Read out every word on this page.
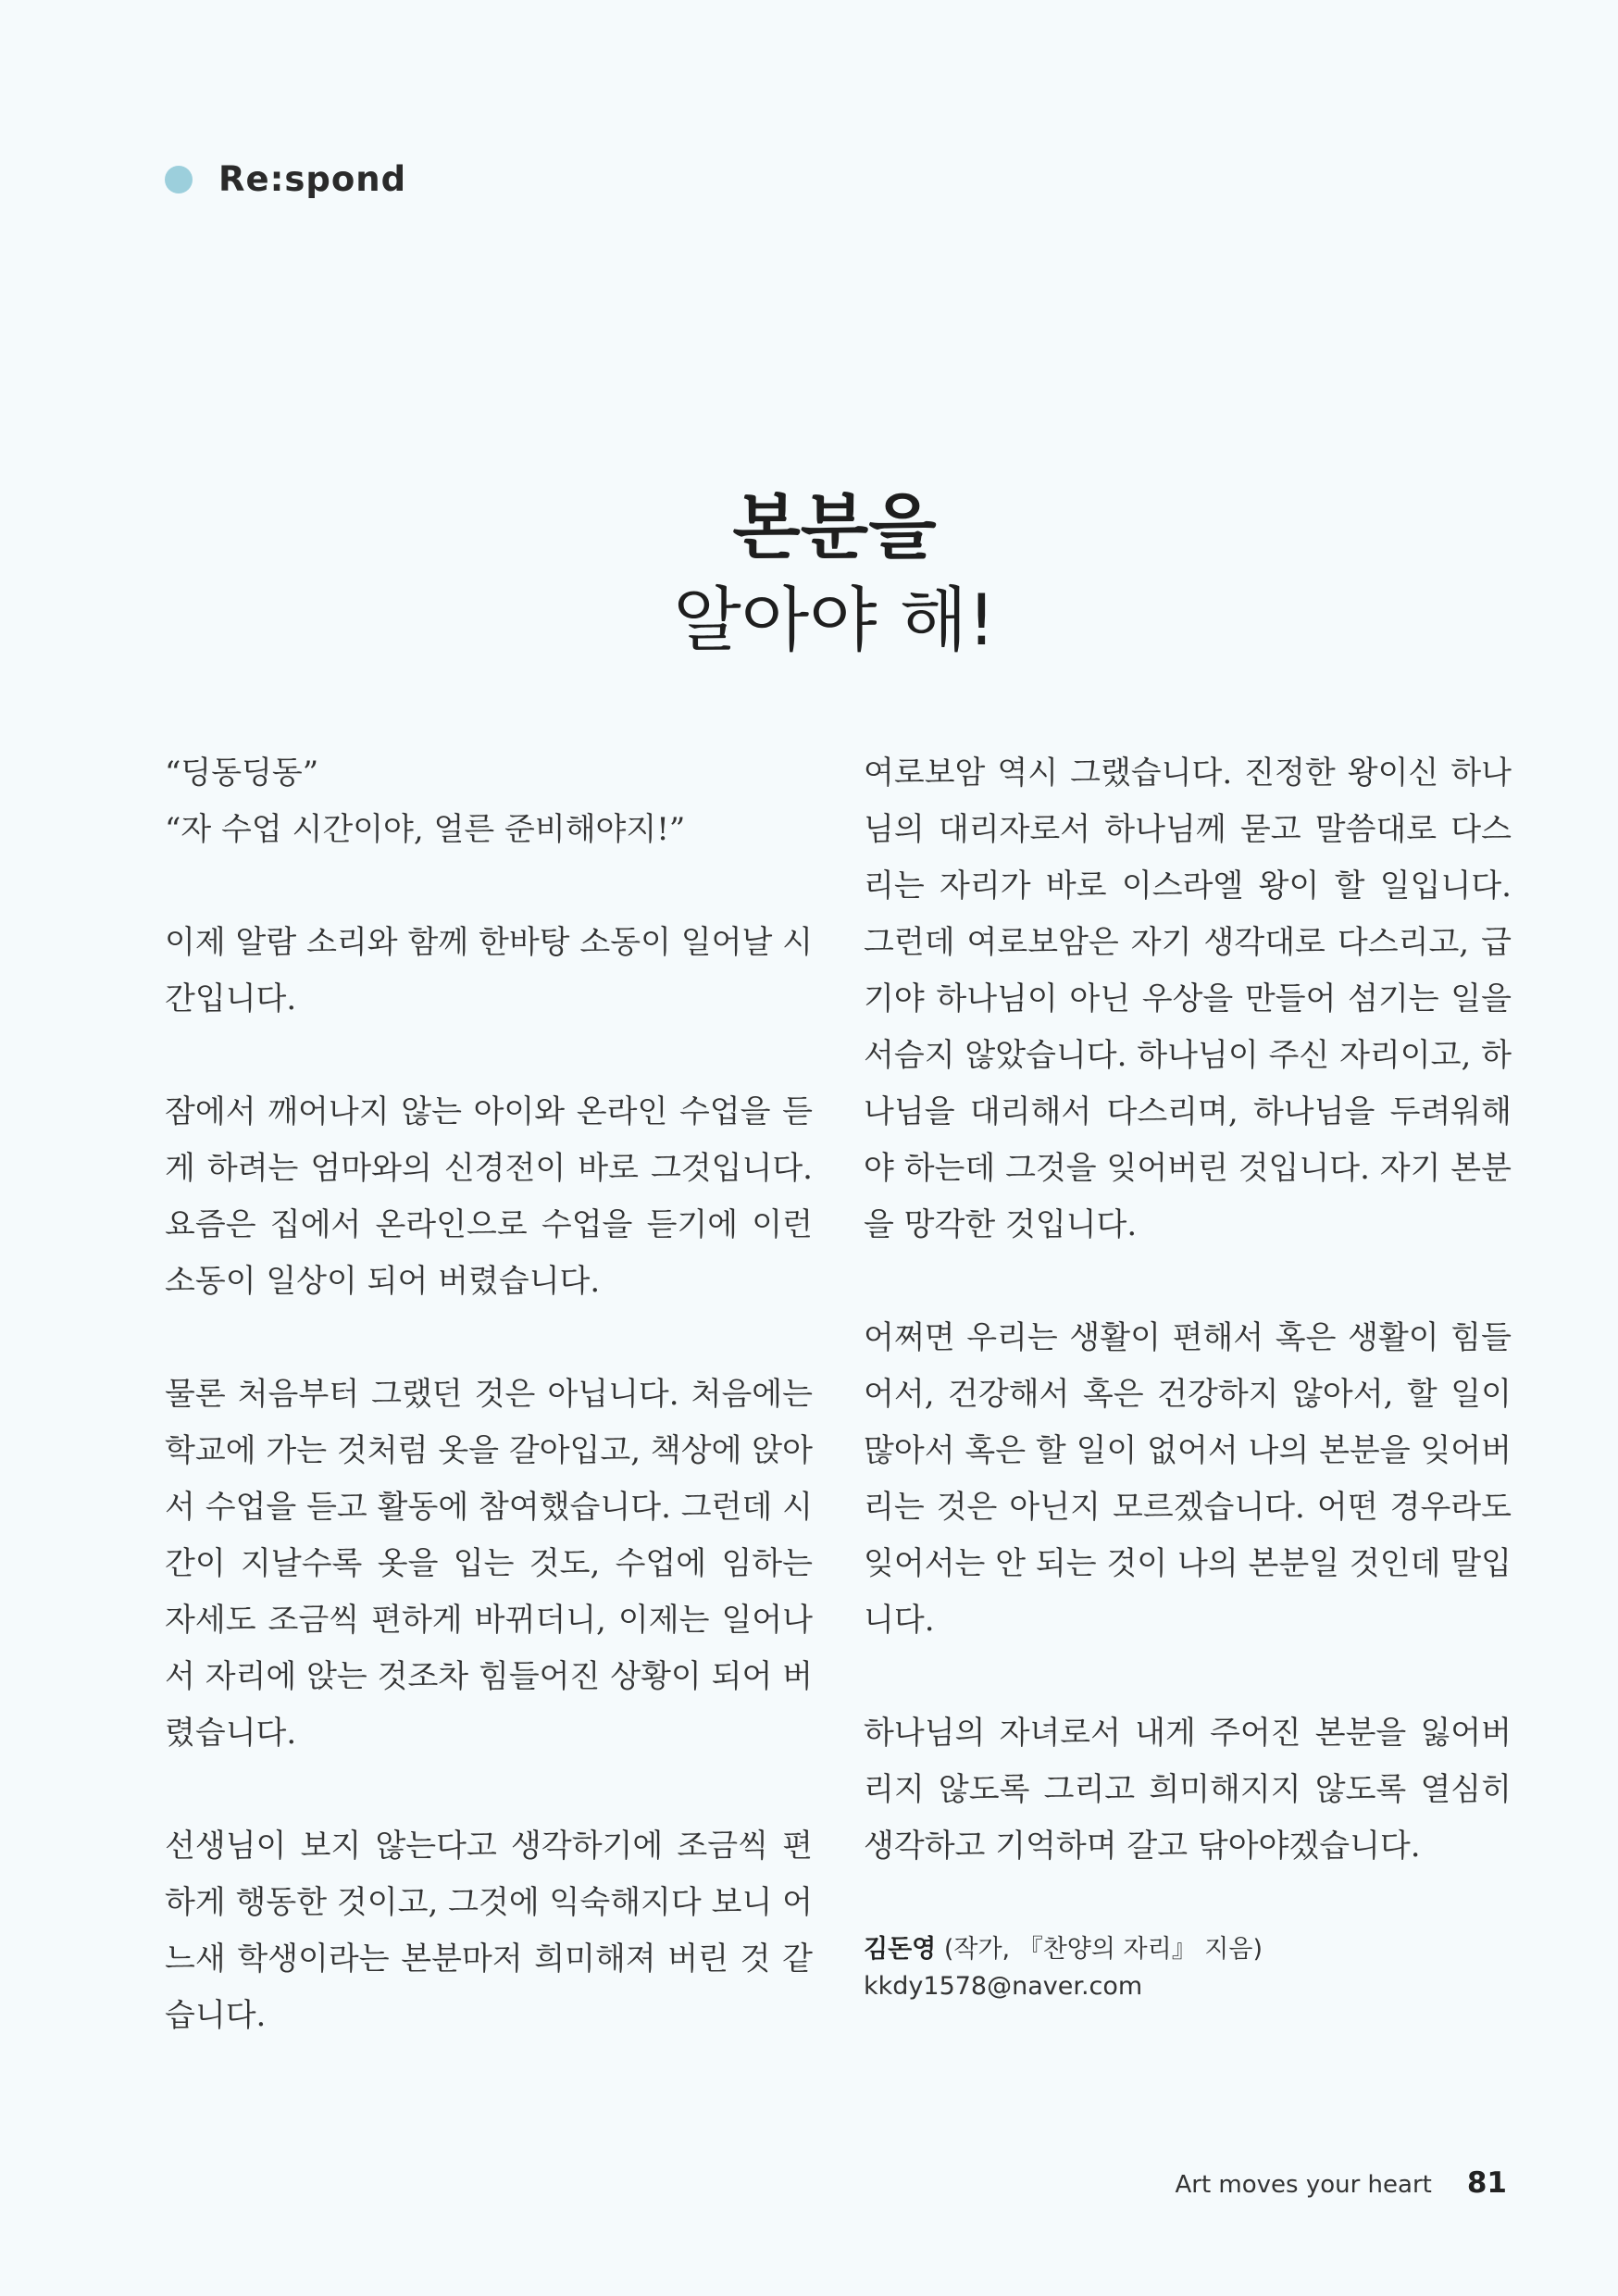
Re:spond
본분을
알아야 해!

“딩동딩동”

“자 수업 시간이야, 얼른 준비해야지!”

이제 알람 소리와 함께 한바탕 소동이 일어날 시간입니다.

잠에서 깨어나지 않는 아이와 온라인 수업을 듣게 하려는 엄마와의 신경전이 바로 그것입니다. 요즘은 집에서 온라인으로 수업을 듣기에 이런 소동이 일상이 되어 버렸습니다.

물론 처음부터 그랬던 것은 아닙니다. 처음에는 학교에 가는 것처럼 옷을 갈아입고, 책상에 앉아서 수업을 듣고 활동에 참여했습니다. 그런데 시간이 지날수록 옷을 입는 것도, 수업에 임하는 자세도 조금씩 편하게 바뀌더니, 이제는 일어나서 자리에 앉는 것조차 힘들어진 상황이 되어 버렸습니다.

선생님이 보지 않는다고 생각하기에 조금씩 편하게 행동한 것이고, 그것에 익숙해지다 보니 어느새 학생이라는 본분마저 희미해져 버린 것 같습니다.

여로보암 역시 그랬습니다. 진정한 왕이신 하나님의 대리자로서 하나님께 묻고 말씀대로 다스리는 자리가 바로 이스라엘 왕이 할 일입니다. 그런데 여로보암은 자기 생각대로 다스리고, 급기야 하나님이 아닌 우상을 만들어 섬기는 일을 서슴지 않았습니다. 하나님이 주신 자리이고, 하나님을 대리해서 다스리며, 하나님을 두려워해야 하는데 그것을 잊어버린 것입니다. 자기 본분을 망각한 것입니다.

어쩌면 우리는 생활이 편해서 혹은 생활이 힘들어서, 건강해서 혹은 건강하지 않아서, 할 일이 많아서 혹은 할 일이 없어서 나의 본분을 잊어버리는 것은 아닌지 모르겠습니다. 어떤 경우라도 잊어서는 안 되는 것이 나의 본분일 것인데 말입니다.

하나님의 자녀로서 내게 주어진 본분을 잃어버리지 않도록 그리고 희미해지지 않도록 열심히 생각하고 기억하며 갈고 닦아야겠습니다.

김돈영 (작가, 『찬양의 자리』 지음)
kkdy1578@naver.com
Art moves your heart 81
